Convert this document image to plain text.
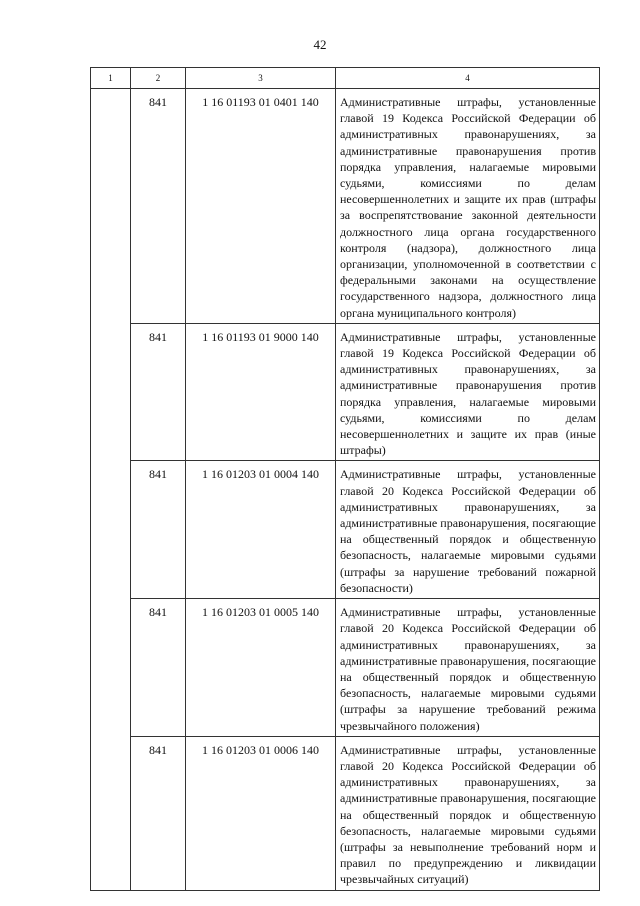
42
1	2	3	4
	841	1 16 01193 01 0401 140	Административные штрафы, установленные главой 19 Кодекса Российской Федерации об административных правонарушениях, за административные правонарушения против порядка управления, налагаемые мировыми судьями, комиссиями по делам несовершеннолетних и защите их прав (штрафы за воспрепятствование законной деятельности должностного лица органа государственного контроля (надзора), должностного лица организации, уполномоченной в соответствии с федеральными законами на осуществление государственного надзора, должностного лица органа муниципального контроля)
	841	1 16 01193 01 9000 140	Административные штрафы, установленные главой 19 Кодекса Российской Федерации об административных правонарушениях, за административные правонарушения против порядка управления, налагаемые мировыми судьями, комиссиями по делам несовершеннолетних и защите их прав (иные штрафы)
	841	1 16 01203 01 0004 140	Административные штрафы, установленные главой 20 Кодекса Российской Федерации об административных правонарушениях, за административные правонарушения, посягающие на общественный порядок и общественную безопасность, налагаемые мировыми судьями (штрафы за нарушение требований пожарной безопасности)
	841	1 16 01203 01 0005 140	Административные штрафы, установленные главой 20 Кодекса Российской Федерации об административных правонарушениях, за административные правонарушения, посягающие на общественный порядок и общественную безопасность, налагаемые мировыми судьями (штрафы за нарушение требований режима чрезвычайного положения)
	841	1 16 01203 01 0006 140	Административные штрафы, установленные главой 20 Кодекса Российской Федерации об административных правонарушениях, за административные правонарушения, посягающие на общественный порядок и общественную безопасность, налагаемые мировыми судьями (штрафы за невыполнение требований норм и правил по предупреждению и ликвидации чрезвычайных ситуаций)
